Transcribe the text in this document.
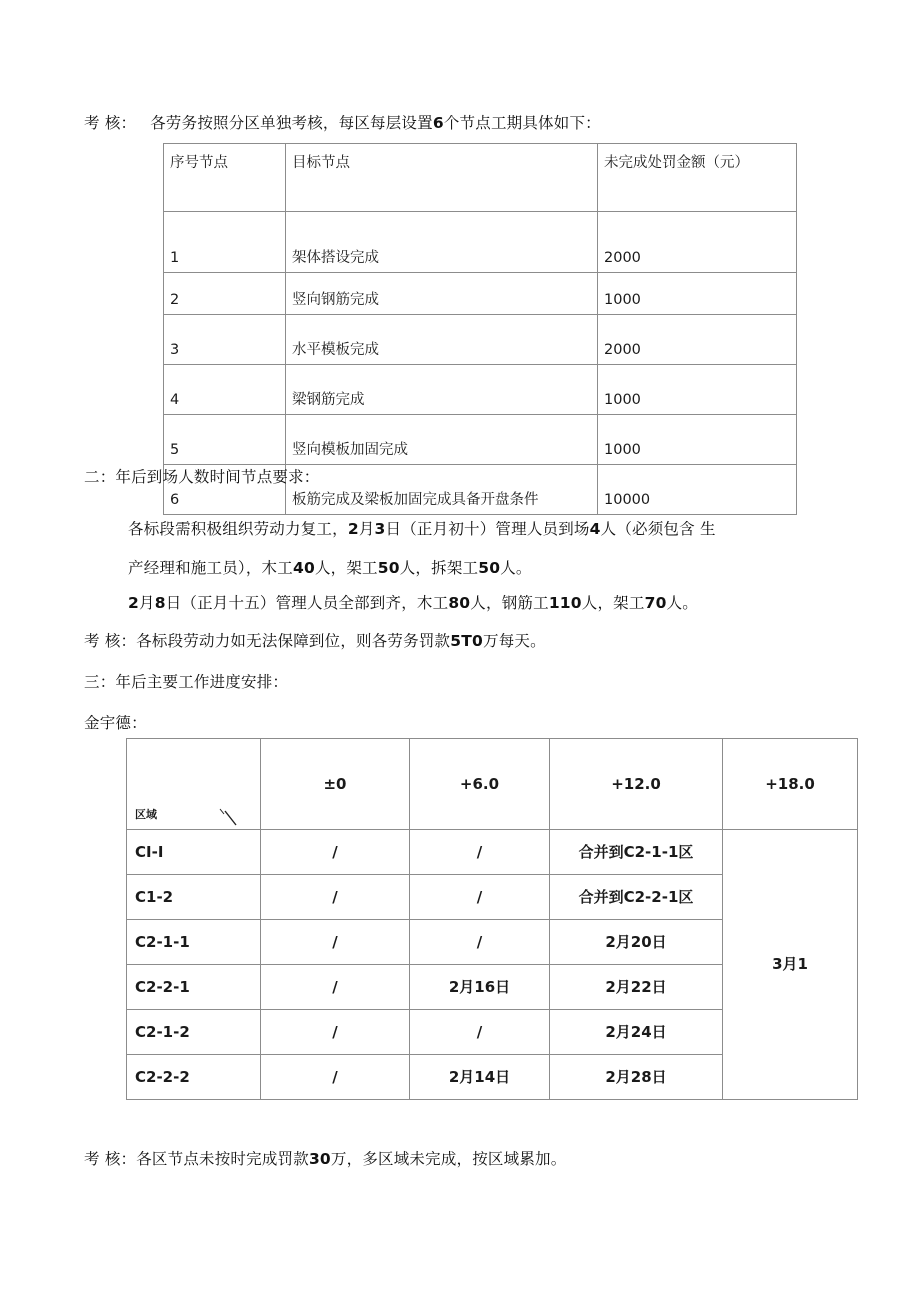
考 核： 各劳务按照分区单独考核，每区每层设置6个节点工期具体如下：
序号节点	目标节点	未完成处罚金额（元）
1	架体搭设完成	2000
2	竖向钢筋完成	1000
3	水平模板完成	2000
4	梁钢筋完成	1000
5	竖向模板加固完成	1000
6	板筋完成及梁板加固完成具备开盘条件	10000
二：年后到场人数时间节点要求：
各标段需积极组织劳动力复工，2月3日（正月初十）管理人员到场4人（必须包含 生
产经理和施工员），木工40人，架工50人，拆架工50人。
2月8日（正月十五）管理人员全部到齐，木工80人，钢筋工110人，架工70人。
考 核：各标段劳动力如无法保障到位，则各劳务罚款5T0万每天。
三：年后主要工作进度安排：
金宇德：
区域	±0	+6.0	+12.0	+18.0
CI-I	/	/	合并到C2-1-1区	3月1
C1-2	/	/	合并到C2-2-1区	
C2-1-1	/	/	2月20日	
C2-2-1	/	2月16日	2月22日	
C2-1-2	/	/	2月24日	
C2-2-2	/	2月14日	2月28日	
考 核：各区节点未按时完成罚款30万，多区域未完成，按区域累加。
